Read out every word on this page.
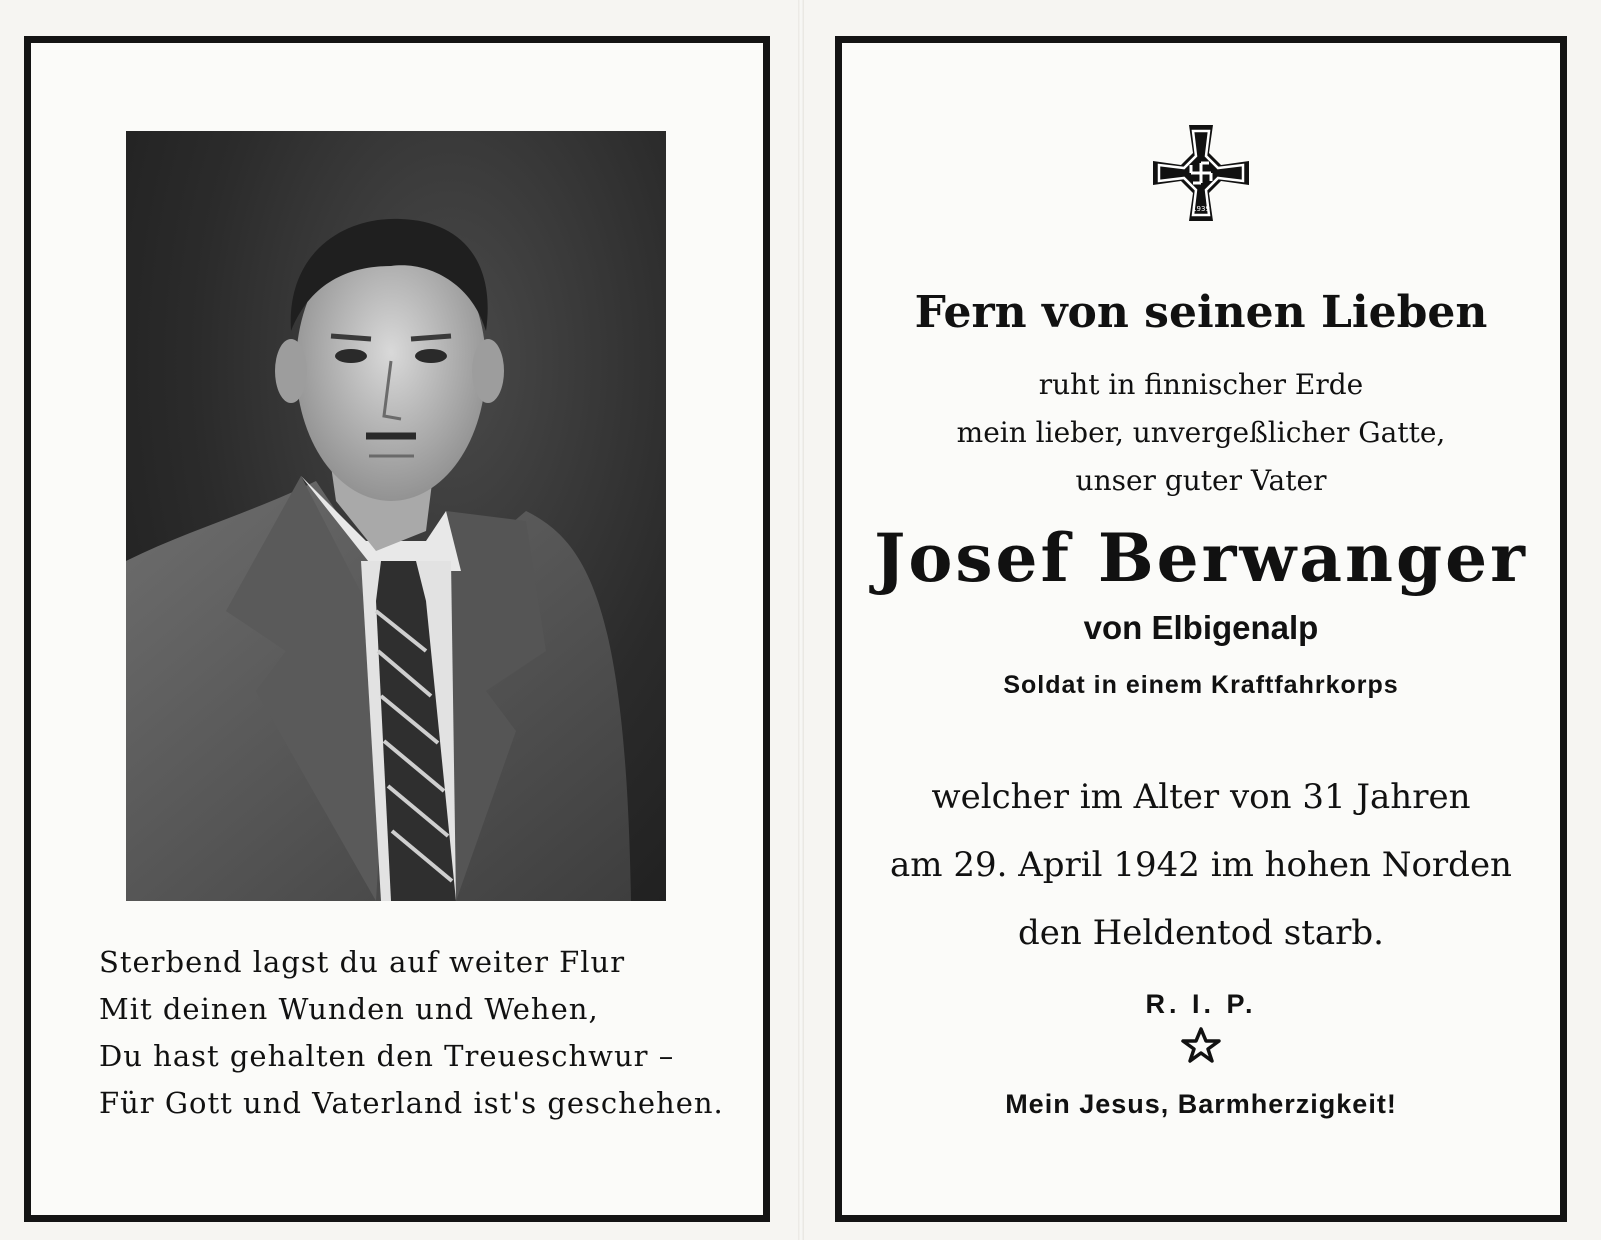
Sterbend lagst du auf weiter Flur
Mit deinen Wunden und Wehen,
Du hast gehalten den Treueschwur –
Für Gott und Vaterland ist's geschehen.
1939
Fern von seinen Lieben
ruht in finnischer Erde
mein lieber, unvergeßlicher Gatte,
unser guter Vater
Josef Berwanger
von Elbigenalp
Soldat in einem Kraftfahrkorps
welcher im Alter von 31 Jahren
am 29. April 1942 im hohen Norden
den Heldentod starb.
R. I. P.
Mein Jesus, Barmherzigkeit!
